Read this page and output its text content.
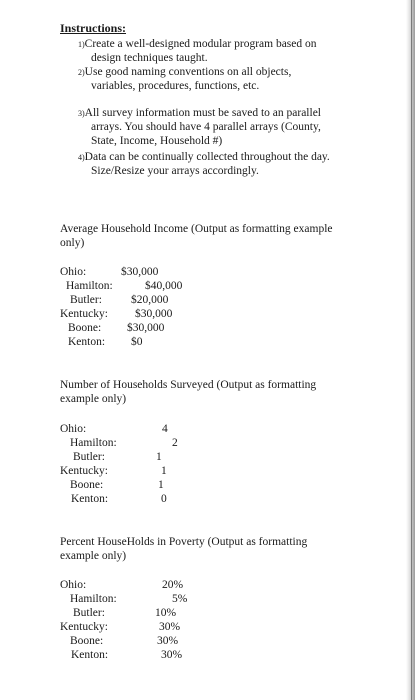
Instructions:
1)Create a well-designed modular program based on
design techniques taught.
2)Use good naming conventions on all objects,
variables, procedures, functions, etc.
3)All survey information must be saved to an parallel
arrays. You should have 4 parallel arrays (County,
State, Income, Household #)
4)Data can be continually collected throughout the day.
Size/Resize your arrays accordingly.
Average Household Income (Output as formatting example
only)
Ohio:	$30,000
Hamilton:	$40,000
Butler:	$20,000
Kentucky: $30,000
Boone: $30,000
Kenton: $0
Number of Households Surveyed (Output as formatting
example only)
Ohio:	4
Hamilton:	2
Butler:	1
Kentucky:	1
Boone:	1
Kenton:	0
Percent HouseHolds in Poverty (Output as formatting
example only)
Ohio:	20%
Hamilton:	5%
Butler:	10%
Kentucky:	30%
Boone:	30%
Kenton:	30%
